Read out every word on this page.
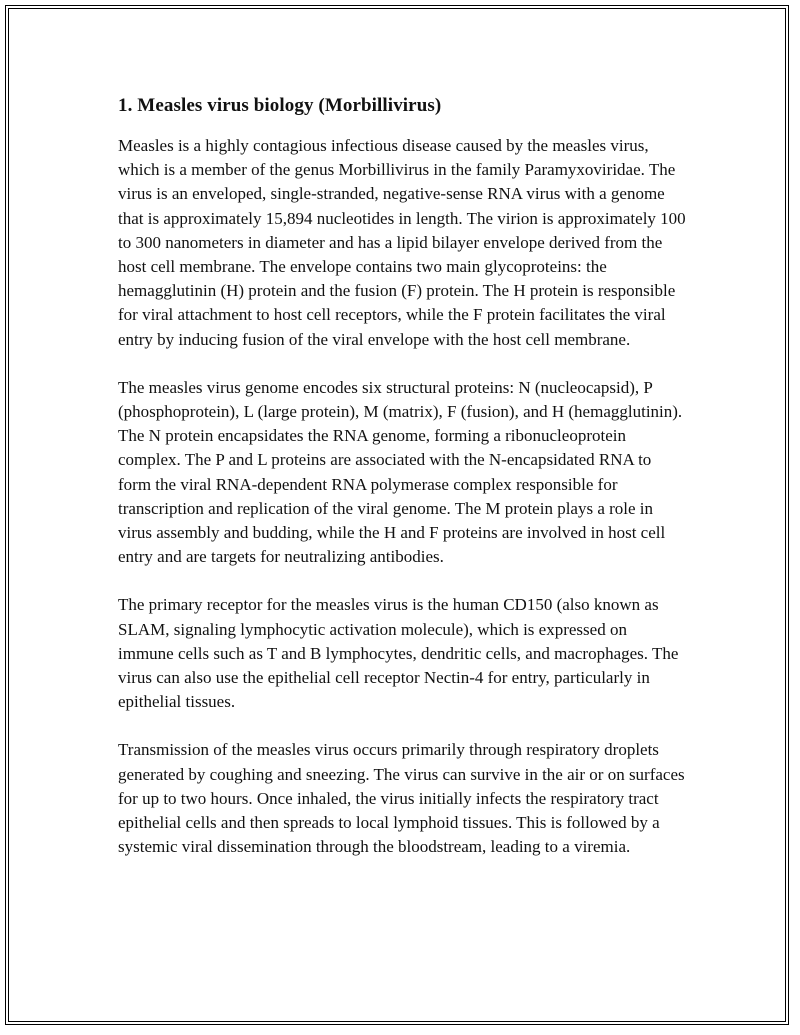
1. Measles virus biology (Morbillivirus)

Measles is a highly contagious infectious disease caused by the measles virus, which is a member of the genus Morbillivirus in the family Paramyxoviridae. The virus is an enveloped, single-stranded, negative-sense RNA virus with a genome that is approximately 15,894 nucleotides in length. The virion is approximately 100 to 300 nanometers in diameter and has a lipid bilayer envelope derived from the host cell membrane. The envelope contains two main glycoproteins: the hemagglutinin (H) protein and the fusion (F) protein. The H protein is responsible for viral attachment to host cell receptors, while the F protein facilitates the viral entry by inducing fusion of the viral envelope with the host cell membrane.

The measles virus genome encodes six structural proteins: N (nucleocapsid), P (phosphoprotein), L (large protein), M (matrix), F (fusion), and H (hemagglutinin). The N protein encapsidates the RNA genome, forming a ribonucleoprotein complex. The P and L proteins are associated with the N-encapsidated RNA to form the viral RNA-dependent RNA polymerase complex responsible for transcription and replication of the viral genome. The M protein plays a role in virus assembly and budding, while the H and F proteins are involved in host cell entry and are targets for neutralizing antibodies.

The primary receptor for the measles virus is the human CD150 (also known as SLAM, signaling lymphocytic activation molecule), which is expressed on immune cells such as T and B lymphocytes, dendritic cells, and macrophages. The virus can also use the epithelial cell receptor Nectin-4 for entry, particularly in epithelial tissues.

Transmission of the measles virus occurs primarily through respiratory droplets generated by coughing and sneezing. The virus can survive in the air or on surfaces for up to two hours. Once inhaled, the virus initially infects the respiratory tract epithelial cells and then spreads to local lymphoid tissues. This is followed by a systemic viral dissemination through the bloodstream, leading to a viremia.
